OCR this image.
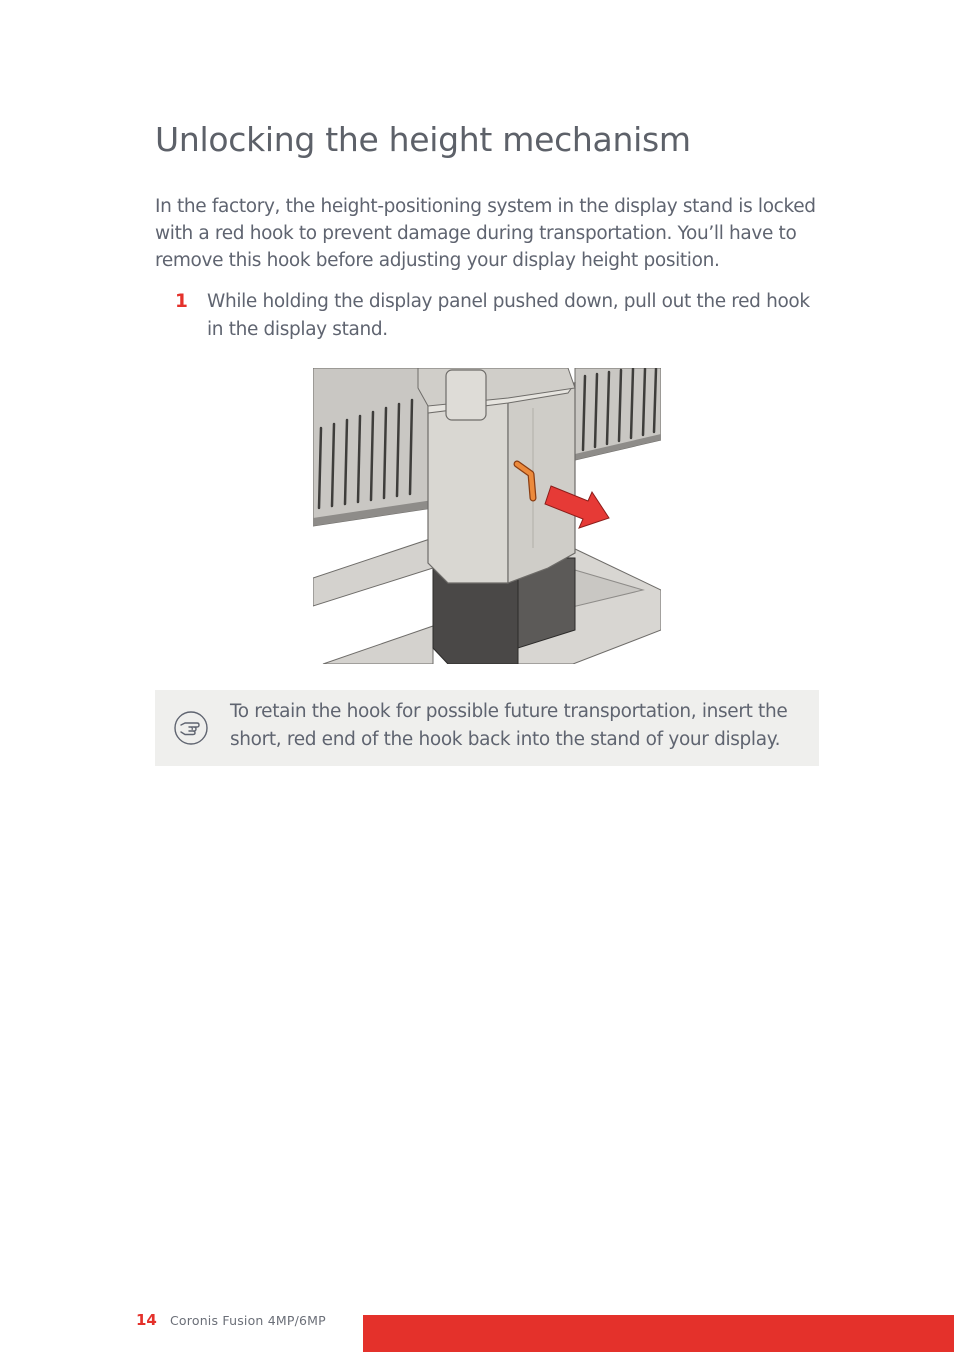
Unlocking the height mechanism

In the factory, the height-positioning system in the display stand is locked with a red hook to prevent damage during transportation. You’ll have to remove this hook before adjusting your display height position.

1 While holding the display panel pushed down, pull out the red hook in the display stand.

To retain the hook for possible future transportation, insert the short, red end of the hook back into the stand of your display.

14 Coronis Fusion 4MP/6MP
